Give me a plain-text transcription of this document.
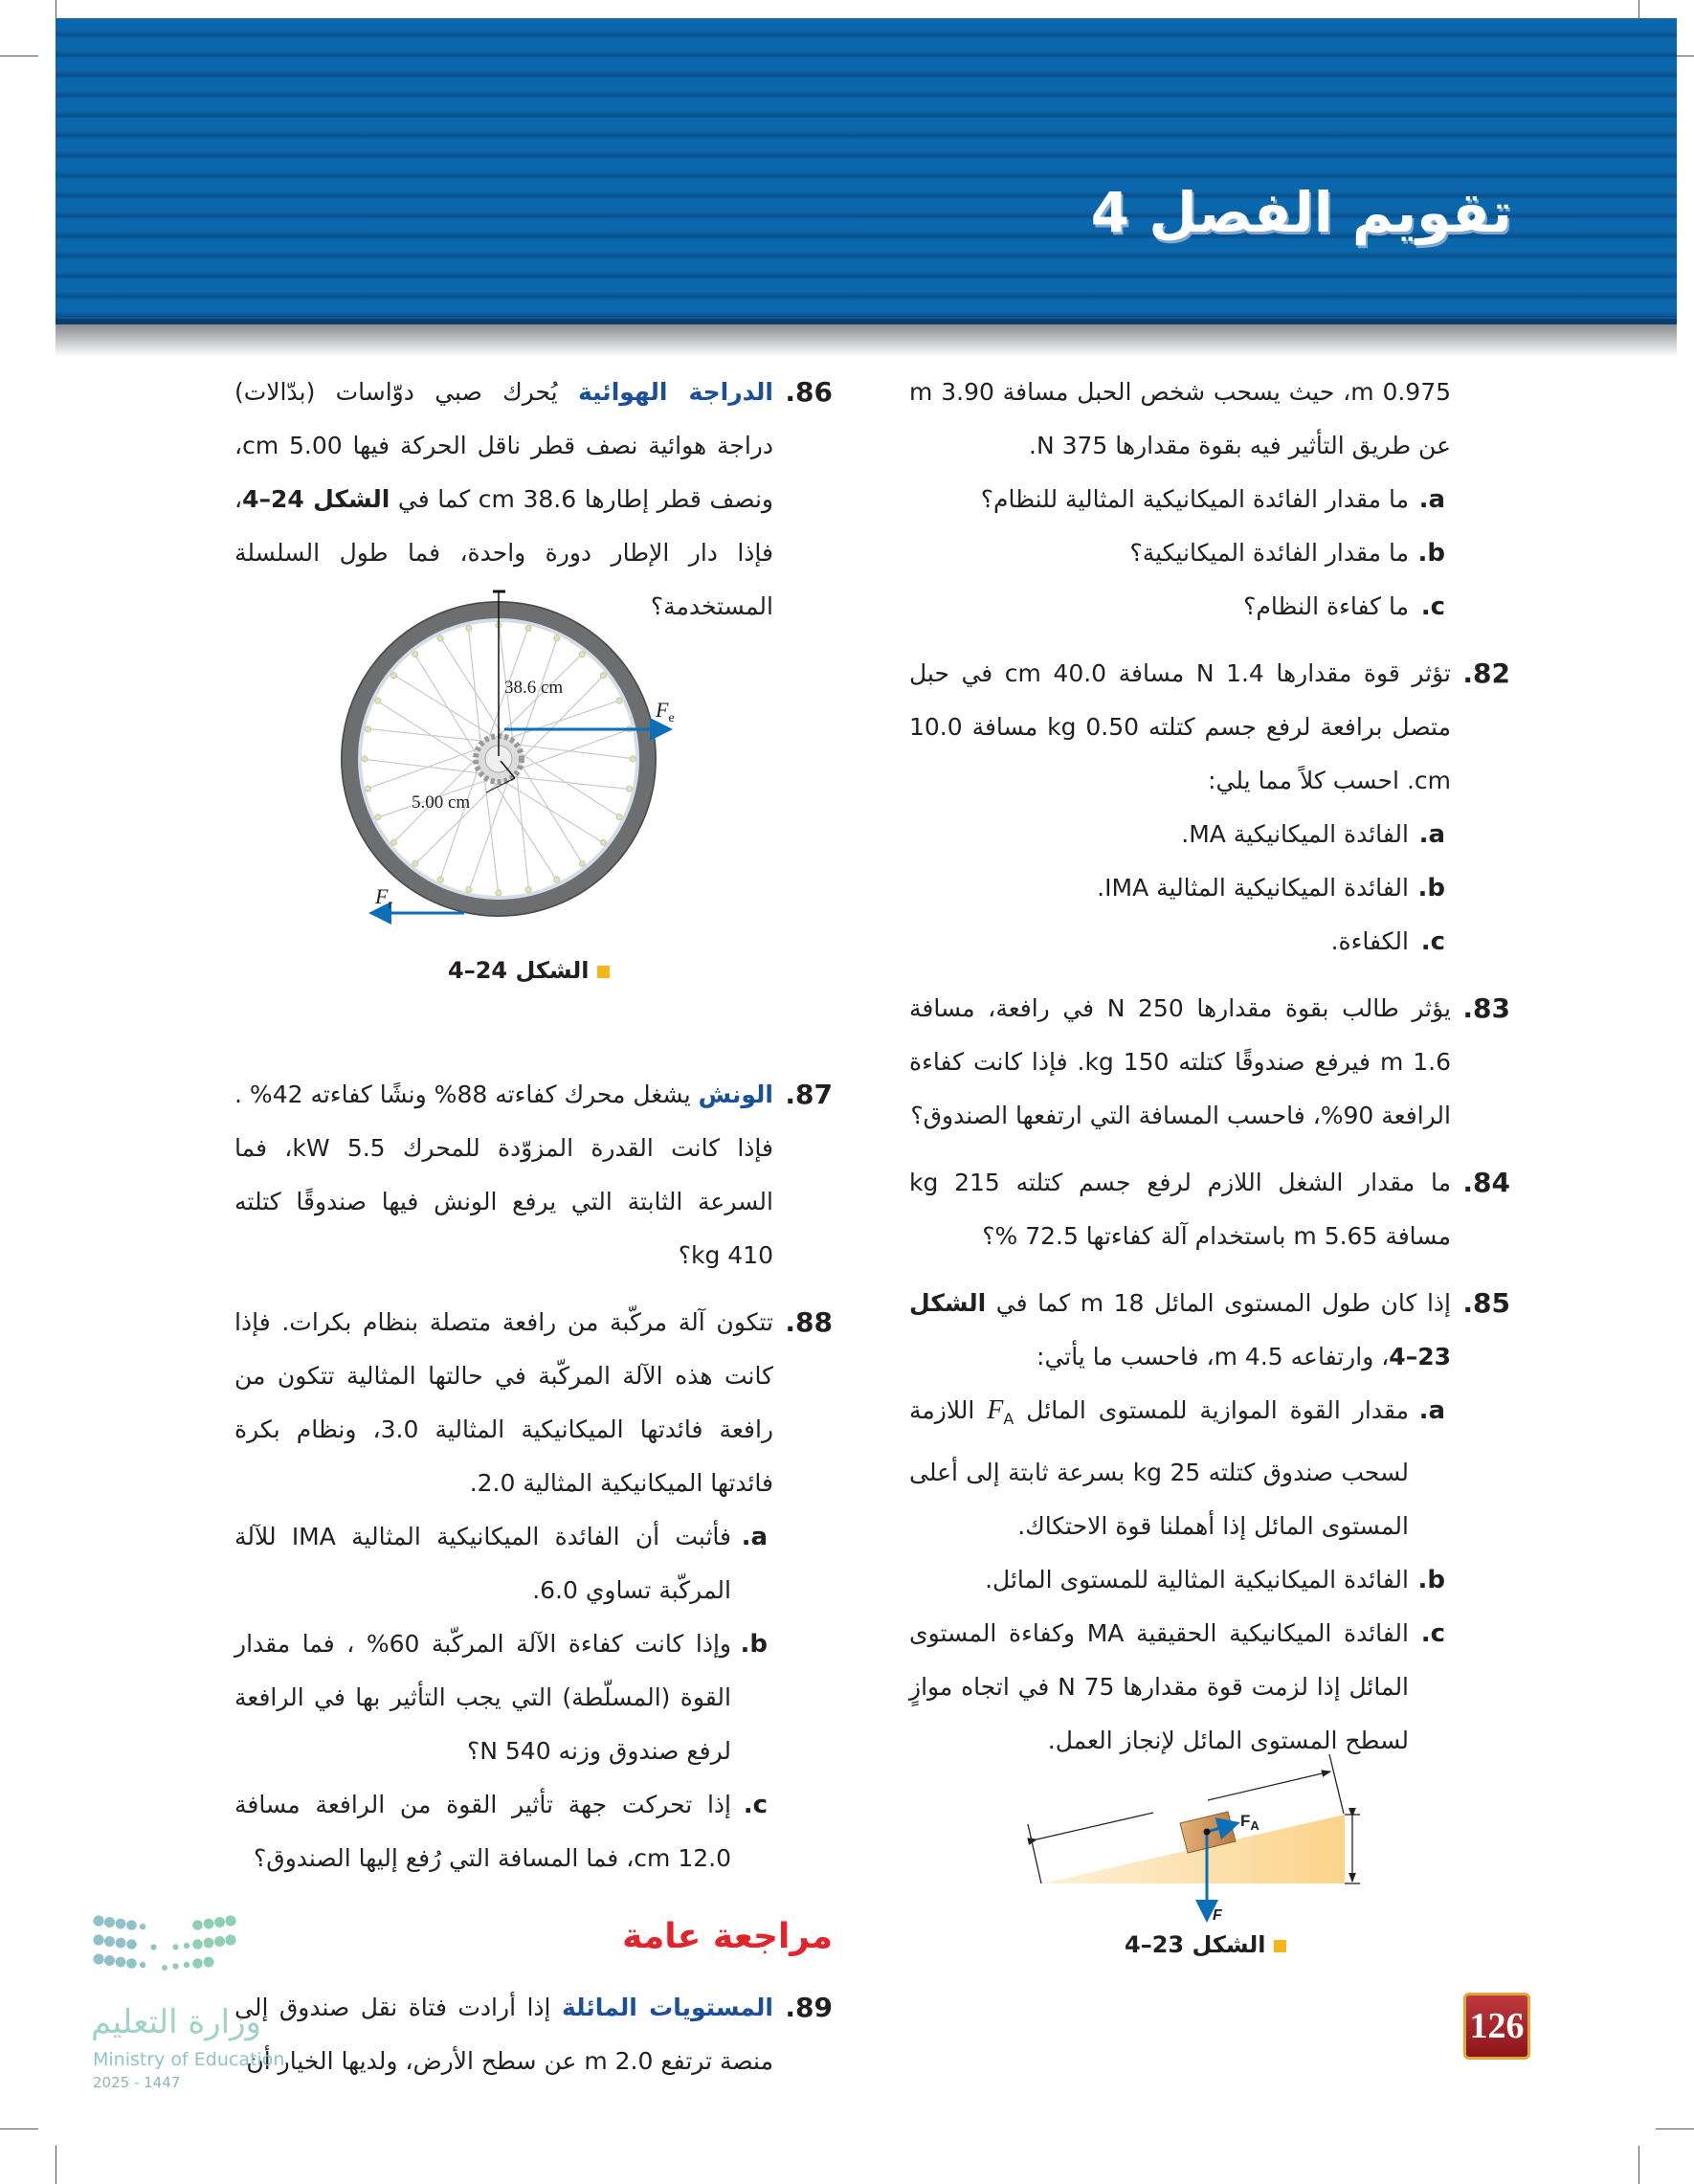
تقويم الفصل 4
0.975 m، حيث يسحب شخص الحبل مسافة 3.90 m عن طريق التأثير فيه بقوة مقدارها 375 N.
a.
ما مقدار الفائدة الميكانيكية المثالية للنظام؟
b.
ما مقدار الفائدة الميكانيكية؟
c.
ما كفاءة النظام؟
82.
تؤثر قوة مقدارها 1.4 N مسافة 40.0 cm في حبل متصل برافعة لرفع جسم كتلته 0.50 kg مسافة 10.0 cm. احسب كلاً مما يلي:
a.
الفائدة الميكانيكية MA.
b.
الفائدة الميكانيكية المثالية IMA.
c.
الكفاءة.
83.
يؤثر طالب بقوة مقدارها 250 N في رافعة، مسافة 1.6 m فيرفع صندوقًا كتلته 150 kg. فإذا كانت كفاءة الرافعة 90%، فاحسب المسافة التي ارتفعها الصندوق؟
84.
ما مقدار الشغل اللازم لرفع جسم كتلته 215 kg مسافة 5.65 m باستخدام آلة كفاءتها 72.5 %؟
85.
إذا كان طول المستوى المائل 18 m كما في الشكل 23–4، وارتفاعه 4.5 m، فاحسب ما يأتي:
a.
مقدار القوة الموازية للمستوى المائل $F_A$ اللازمة لسحب صندوق كتلته 25 kg بسرعة ثابتة إلى أعلى المستوى المائل إذا أهملنا قوة الاحتكاك.
b.
الفائدة الميكانيكية المثالية للمستوى المائل.
c.
الفائدة الميكانيكية الحقيقية MA وكفاءة المستوى المائل إذا لزمت قوة مقدارها 75 N في اتجاه موازٍ لسطح المستوى المائل لإنجاز العمل.
$F_A$
F
38.6 cm
5.00 cm
$F_e$
$F_r$
الشكل 23–4
الشكل 24–4
86.
الدراجة الهوائية يُحرك صبي دوّاسات (بدّالات) دراجة هوائية نصف قطر ناقل الحركة فيها 5.00 cm، ونصف قطر إطارها 38.6 cm كما في الشكل 24–4، فإذا دار الإطار دورة واحدة، فما طول السلسلة المستخدمة؟
87.
الونش يشغل محرك كفاءته 88% ونشًا كفاءته 42% . فإذا كانت القدرة المزوّدة للمحرك 5.5 kW، فما السرعة الثابتة التي يرفع الونش فيها صندوقًا كتلته 410 kg؟
88.
تتكون آلة مركّبة من رافعة متصلة بنظام بكرات. فإذا كانت هذه الآلة المركّبة في حالتها المثالية تتكون من رافعة فائدتها الميكانيكية المثالية 3.0، ونظام بكرة فائدتها الميكانيكية المثالية 2.0.
a.
فأثبت أن الفائدة الميكانيكية المثالية IMA للآلة المركّبة تساوي 6.0.
b.
وإذا كانت كفاءة الآلة المركّبة 60% ، فما مقدار القوة (المسلّطة) التي يجب التأثير بها في الرافعة لرفع صندوق وزنه 540 N؟
c.
إذا تحركت جهة تأثير القوة من الرافعة مسافة 12.0 cm، فما المسافة التي رُفع إليها الصندوق؟
مراجعة عامة
89.
المستويات المائلة إذا أرادت فتاة نقل صندوق إلى منصة ترتفع 2.0 m عن سطح الأرض، ولديها الخيار أن
وزارة التعليم
Ministry of Education
2025 - 1447
126
